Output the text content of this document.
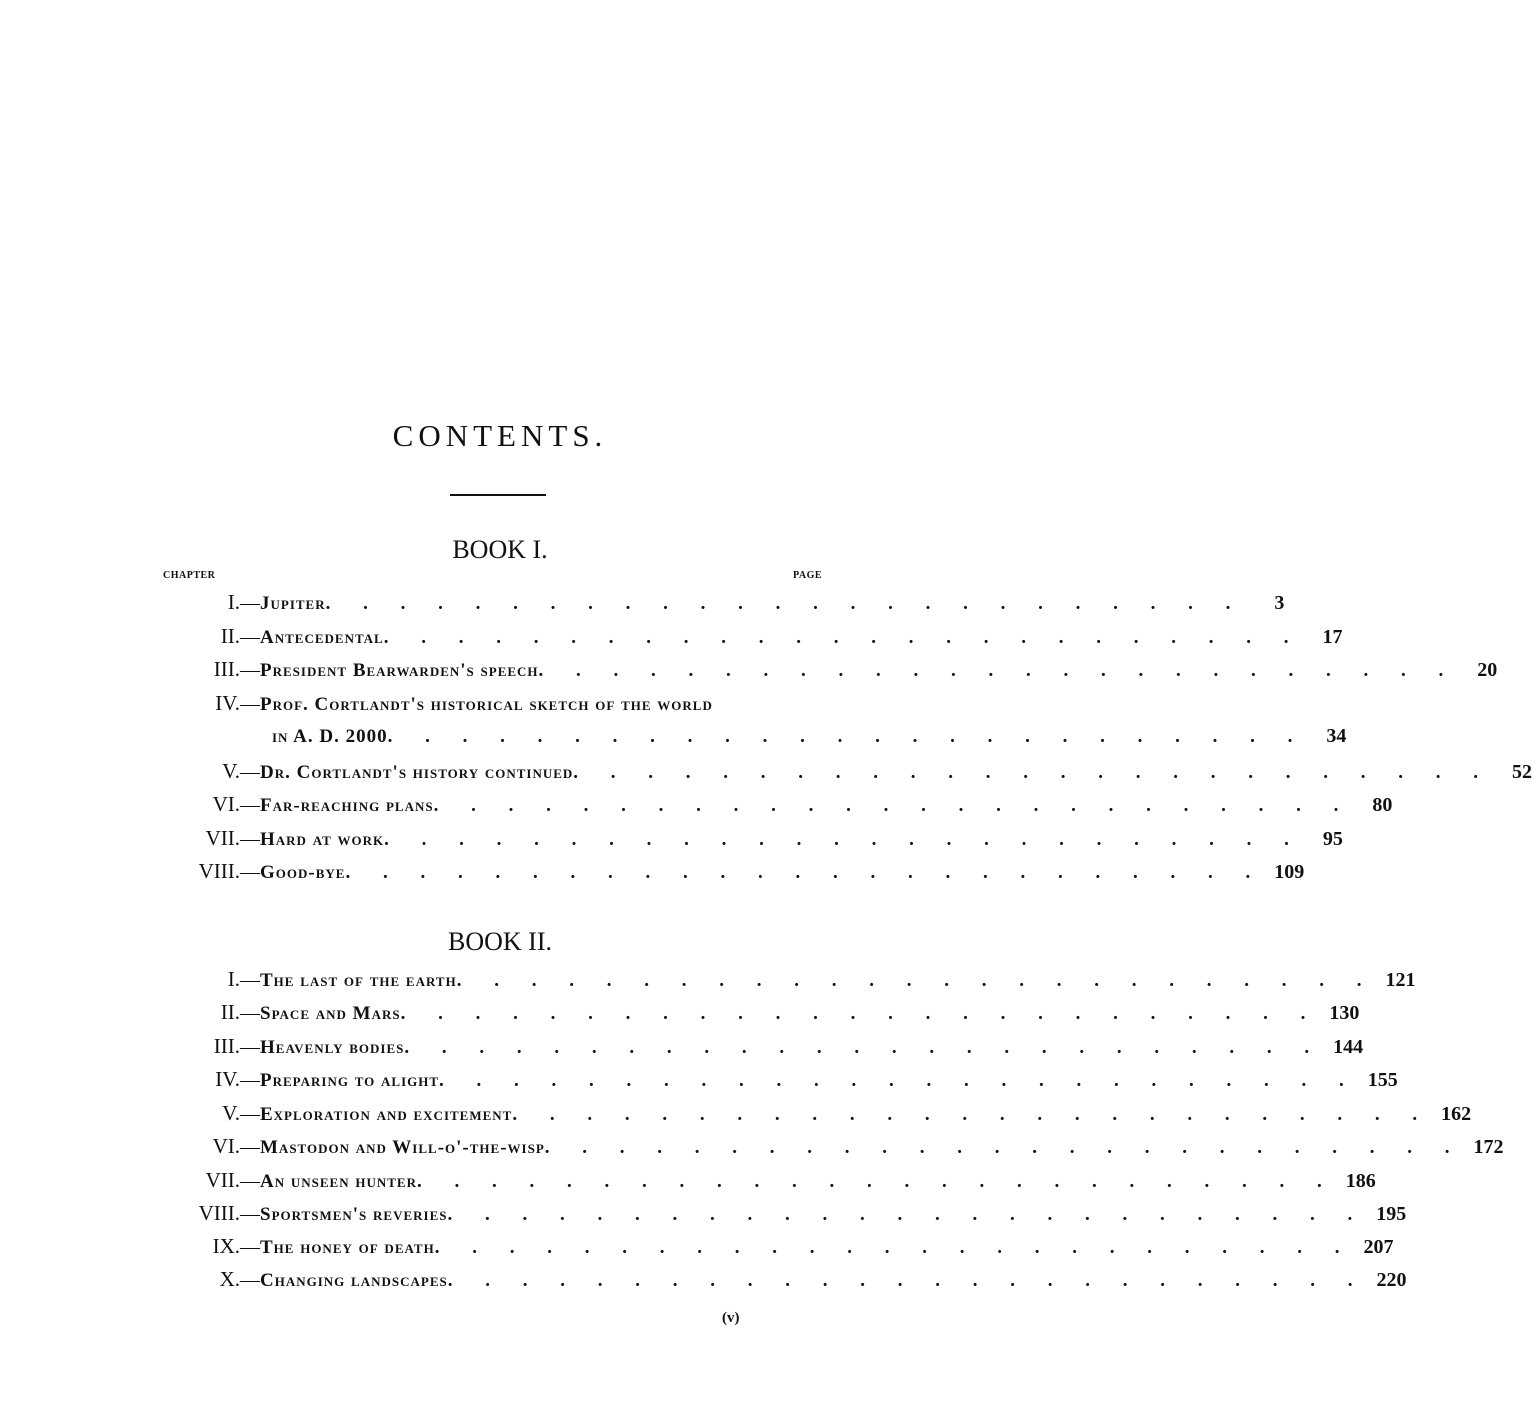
CONTENTS.
BOOK I.
CHAPTER	PAGE
I. — Jupiter . . . . . . . . . . . . . . . . . . . . . . . . .	3
II. — Antecedental . . . . . . . . . . . . . . . . . . . . . . . . .	17
III. — President Bearwarden's speech . . . . . . . . . . . . . . . . . . . . . . . . .	20
IV. — Prof. Cortlandt's historical sketch of the world
in A. D. 2000 . . . . . . . . . . . . . . . . . . . . . . . . .	34
V. — Dr. Cortlandt's history continued . . . . . . . . . . . . . . . . . . . . . . . . .	52
VI. — Far-reaching plans . . . . . . . . . . . . . . . . . . . . . . . . .	80
VII. — Hard at work . . . . . . . . . . . . . . . . . . . . . . . . .	95
VIII. — Good-bye . . . . . . . . . . . . . . . . . . . . . . . . . 109
BOOK II.
I. — The last of the earth . . . . . . . . . . . . . . . . . . . . . . . . . 121
II. — Space and Mars . . . . . . . . . . . . . . . . . . . . . . . . . 130
III. — Heavenly bodies . . . . . . . . . . . . . . . . . . . . . . . . . 144
IV. — Preparing to alight . . . . . . . . . . . . . . . . . . . . . . . . . 155
V. — Exploration and excitement . . . . . . . . . . . . . . . . . . . . . . . . . 162
VI. — Mastodon and Will-o'-the-wisp . . . . . . . . . . . . . . . . . . . . . . . . . 172
VII. — An unseen hunter . . . . . . . . . . . . . . . . . . . . . . . . . 186
VIII. — Sportsmen's reveries . . . . . . . . . . . . . . . . . . . . . . . . . 195
IX. — The honey of death . . . . . . . . . . . . . . . . . . . . . . . . . 207
X. — Changing landscapes . . . . . . . . . . . . . . . . . . . . . . . . . 220
(v)
